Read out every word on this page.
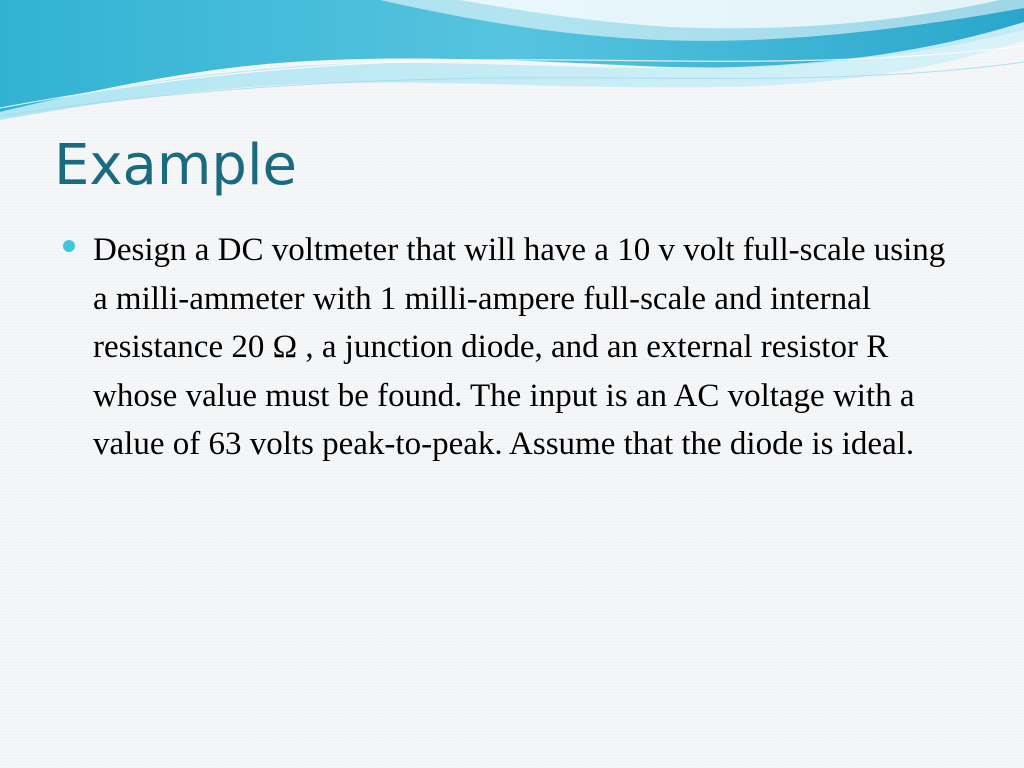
Example
Design a DC voltmeter that will have a 10 v volt full-scale using a milli-ammeter with 1 milli-ampere full-scale and internal resistance 20 Ω , a junction diode, and an external resistor R whose value must be found. The input is an AC voltage with a value of 63 volts peak-to-peak. Assume that the diode is ideal.
